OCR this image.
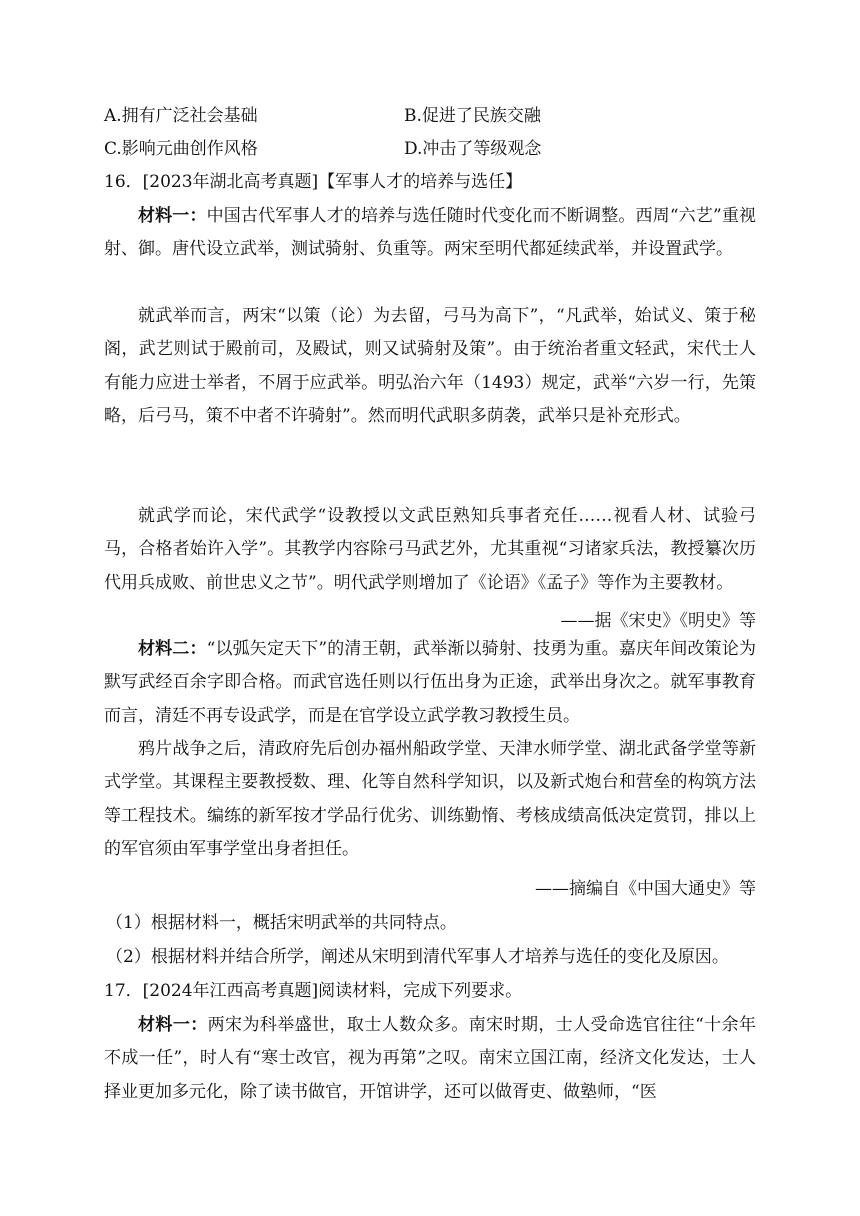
A.拥有广泛社会基础	B.促进了民族交融
C.影响元曲创作风格	D.冲击了等级观念
16．[2023年湖北高考真题]【军事人才的培养与选任】

材料一：中国古代军事人才的培养与选任随时代变化而不断调整。西周“六艺”重视射、御。唐代设立武举，测试骑射、负重等。两宋至明代都延续武举，并设置武学。

就武举而言，两宋“以策（论）为去留，弓马为高下”，“凡武举，始试义、策于秘阁，武艺则试于殿前司，及殿试，则又试骑射及策”。由于统治者重文轻武，宋代士人有能力应进士举者，不屑于应武举。明弘治六年（1493）规定，武举“六岁一行，先策略，后弓马，策不中者不许骑射”。然而明代武职多荫袭，武举只是补充形式。

就武学而论，宋代武学“设教授以文武臣熟知兵事者充任……视看人材、试验弓马，合格者始许入学”。其教学内容除弓马武艺外，尤其重视“习诸家兵法，教授纂次历代用兵成败、前世忠义之节”。明代武学则增加了《论语》《孟子》等作为主要教材。

——据《宋史》《明史》等

材料二：“以弧矢定天下”的清王朝，武举渐以骑射、技勇为重。嘉庆年间改策论为默写武经百余字即合格。而武官选任则以行伍出身为正途，武举出身次之。就军事教育而言，清廷不再专设武学，而是在官学设立武学教习教授生员。

鸦片战争之后，清政府先后创办福州船政学堂、天津水师学堂、湖北武备学堂等新式学堂。其课程主要教授数、理、化等自然科学知识，以及新式炮台和营垒的构筑方法等工程技术。编练的新军按才学品行优劣、训练勤惰、考核成绩高低决定赏罚，排以上的军官须由军事学堂出身者担任。

——摘编自《中国大通史》等
（1）根据材料一，概括宋明武举的共同特点。
（2）根据材料并结合所学，阐述从宋明到清代军事人才培养与选任的变化及原因。
17．[2024年江西高考真题]阅读材料，完成下列要求。

材料一：两宋为科举盛世，取士人数众多。南宋时期，士人受命选官往往“十余年不成一任”，时人有“寒士改官，视为再第”之叹。南宋立国江南，经济文化发达，士人择业更加多元化，除了读书做官，开馆讲学，还可以做胥吏、做塾师，“医
